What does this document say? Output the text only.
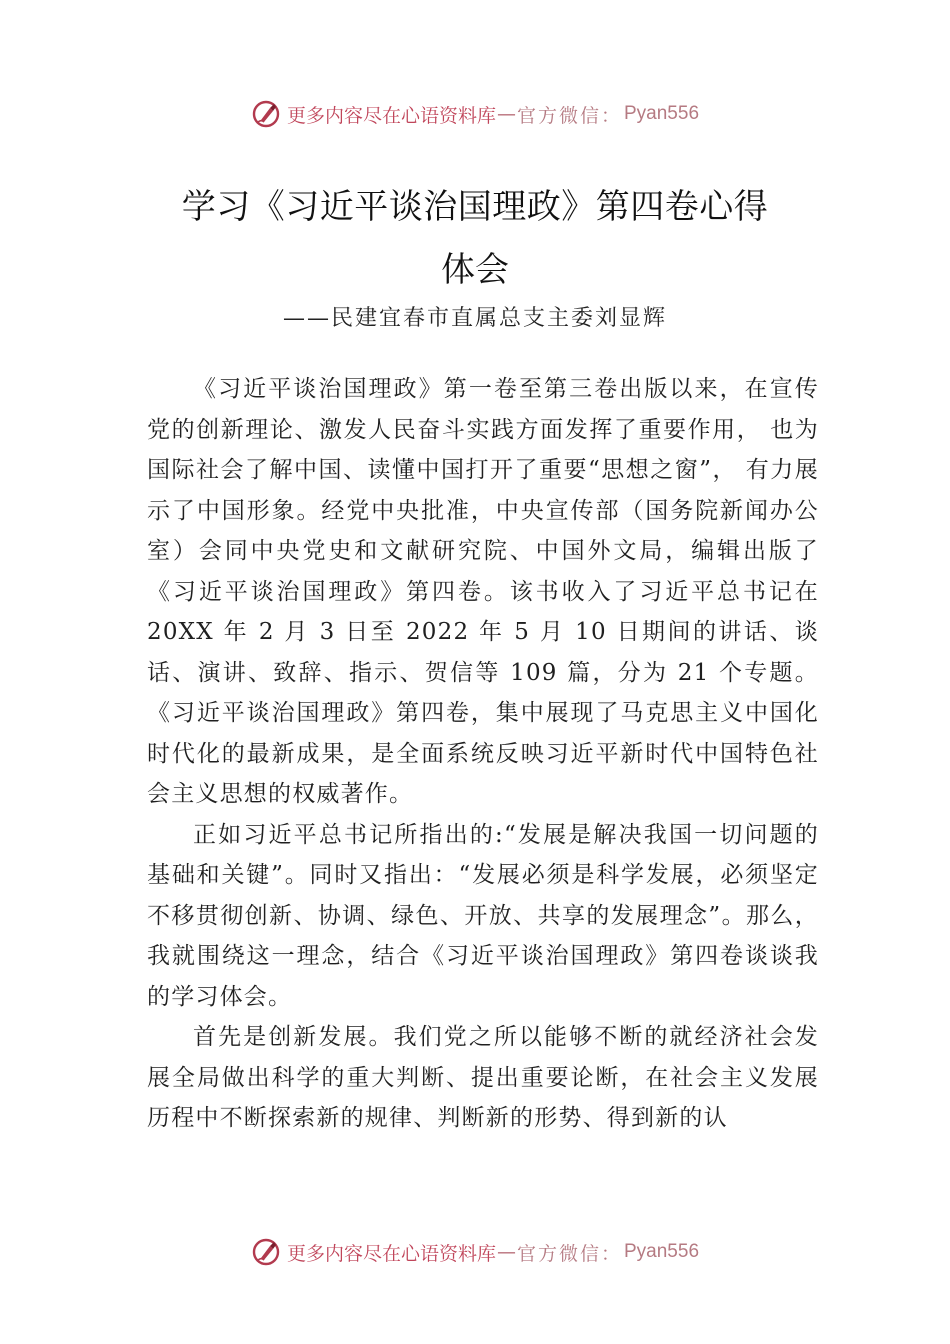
更多内容尽在心语资料库 — 官方微信： Pyan556
学习《习近平谈治国理政》第四卷心得
体会
——民建宜春市直属总支主委刘显辉

《习近平谈治国理政》第一卷至第三卷出版以来，在宣传党的创新理论、激发人民奋斗实践方面发挥了重要作用， 也为国际社会了解中国、读懂中国打开了重要“思想之窗”， 有力展示了中国形象。经党中央批准，中央宣传部（国务院新闻办公室）会同中央党史和文献研究院、中国外文局，编辑出版了《习近平谈治国理政》第四卷。该书收入了习近平总书记在 20XX 年 2 月 3 日至 2022 年 5 月 10 日期间的讲话、谈话、演讲、致辞、指示、贺信等 109 篇，分为 21 个专题。《习近平谈治国理政》第四卷，集中展现了马克思主义中国化时代化的最新成果，是全面系统反映习近平新时代中国特色社会主义思想的权威著作。

正如习近平总书记所指出的:“发展是解决我国一切问题的基础和关键”。同时又指出：“发展必须是科学发展，必须坚定不移贯彻创新、协调、绿色、开放、共享的发展理念”。那么，我就围绕这一理念，结合《习近平谈治国理政》第四卷谈谈我的学习体会。

首先是创新发展。我们党之所以能够不断的就经济社会发展全局做出科学的重大判断、提出重要论断，在社会主义发展历程中不断探索新的规律、判断新的形势、得到新的认

更多内容尽在心语资料库 — 官方微信： Pyan556
